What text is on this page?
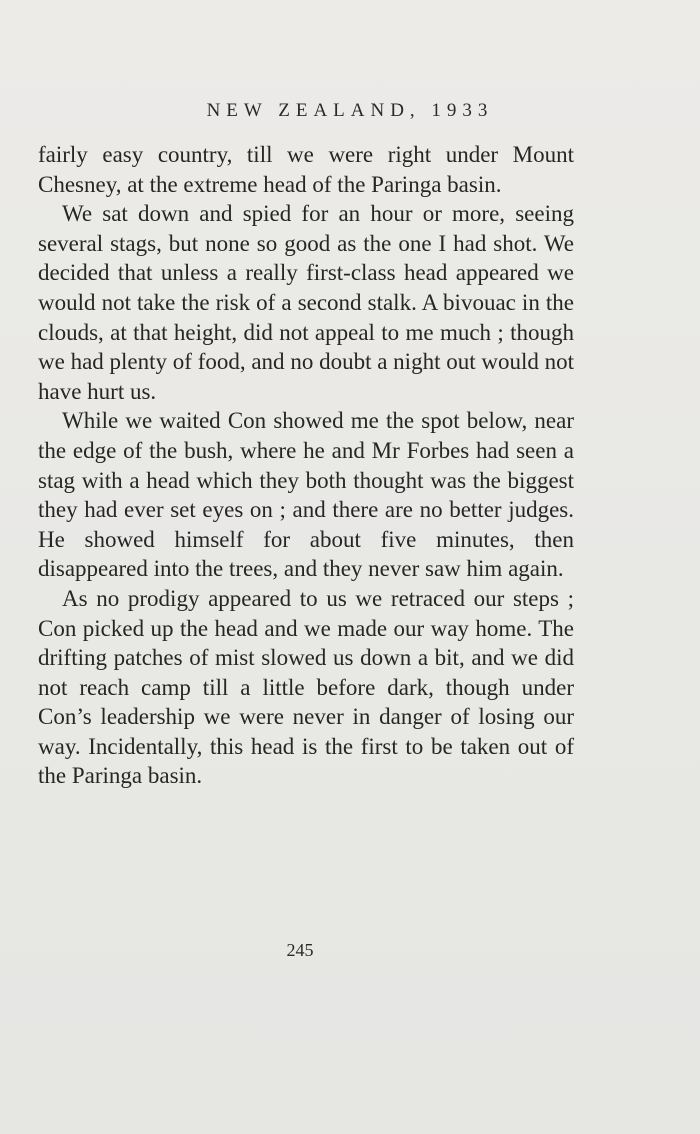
NEW ZEALAND, 1933

fairly easy country, till we were right under Mount Chesney, at the extreme head of the Paringa basin.

We sat down and spied for an hour or more, seeing several stags, but none so good as the one I had shot. We decided that unless a really first-class head appeared we would not take the risk of a second stalk. A bivouac in the clouds, at that height, did not appeal to me much ; though we had plenty of food, and no doubt a night out would not have hurt us.

While we waited Con showed me the spot below, near the edge of the bush, where he and Mr Forbes had seen a stag with a head which they both thought was the biggest they had ever set eyes on ; and there are no better judges. He showed himself for about five minutes, then disappeared into the trees, and they never saw him again.

As no prodigy appeared to us we retraced our steps ; Con picked up the head and we made our way home. The drifting patches of mist slowed us down a bit, and we did not reach camp till a little before dark, though under Con’s leadership we were never in danger of losing our way. Incidentally, this head is the first to be taken out of the Paringa basin.

245
